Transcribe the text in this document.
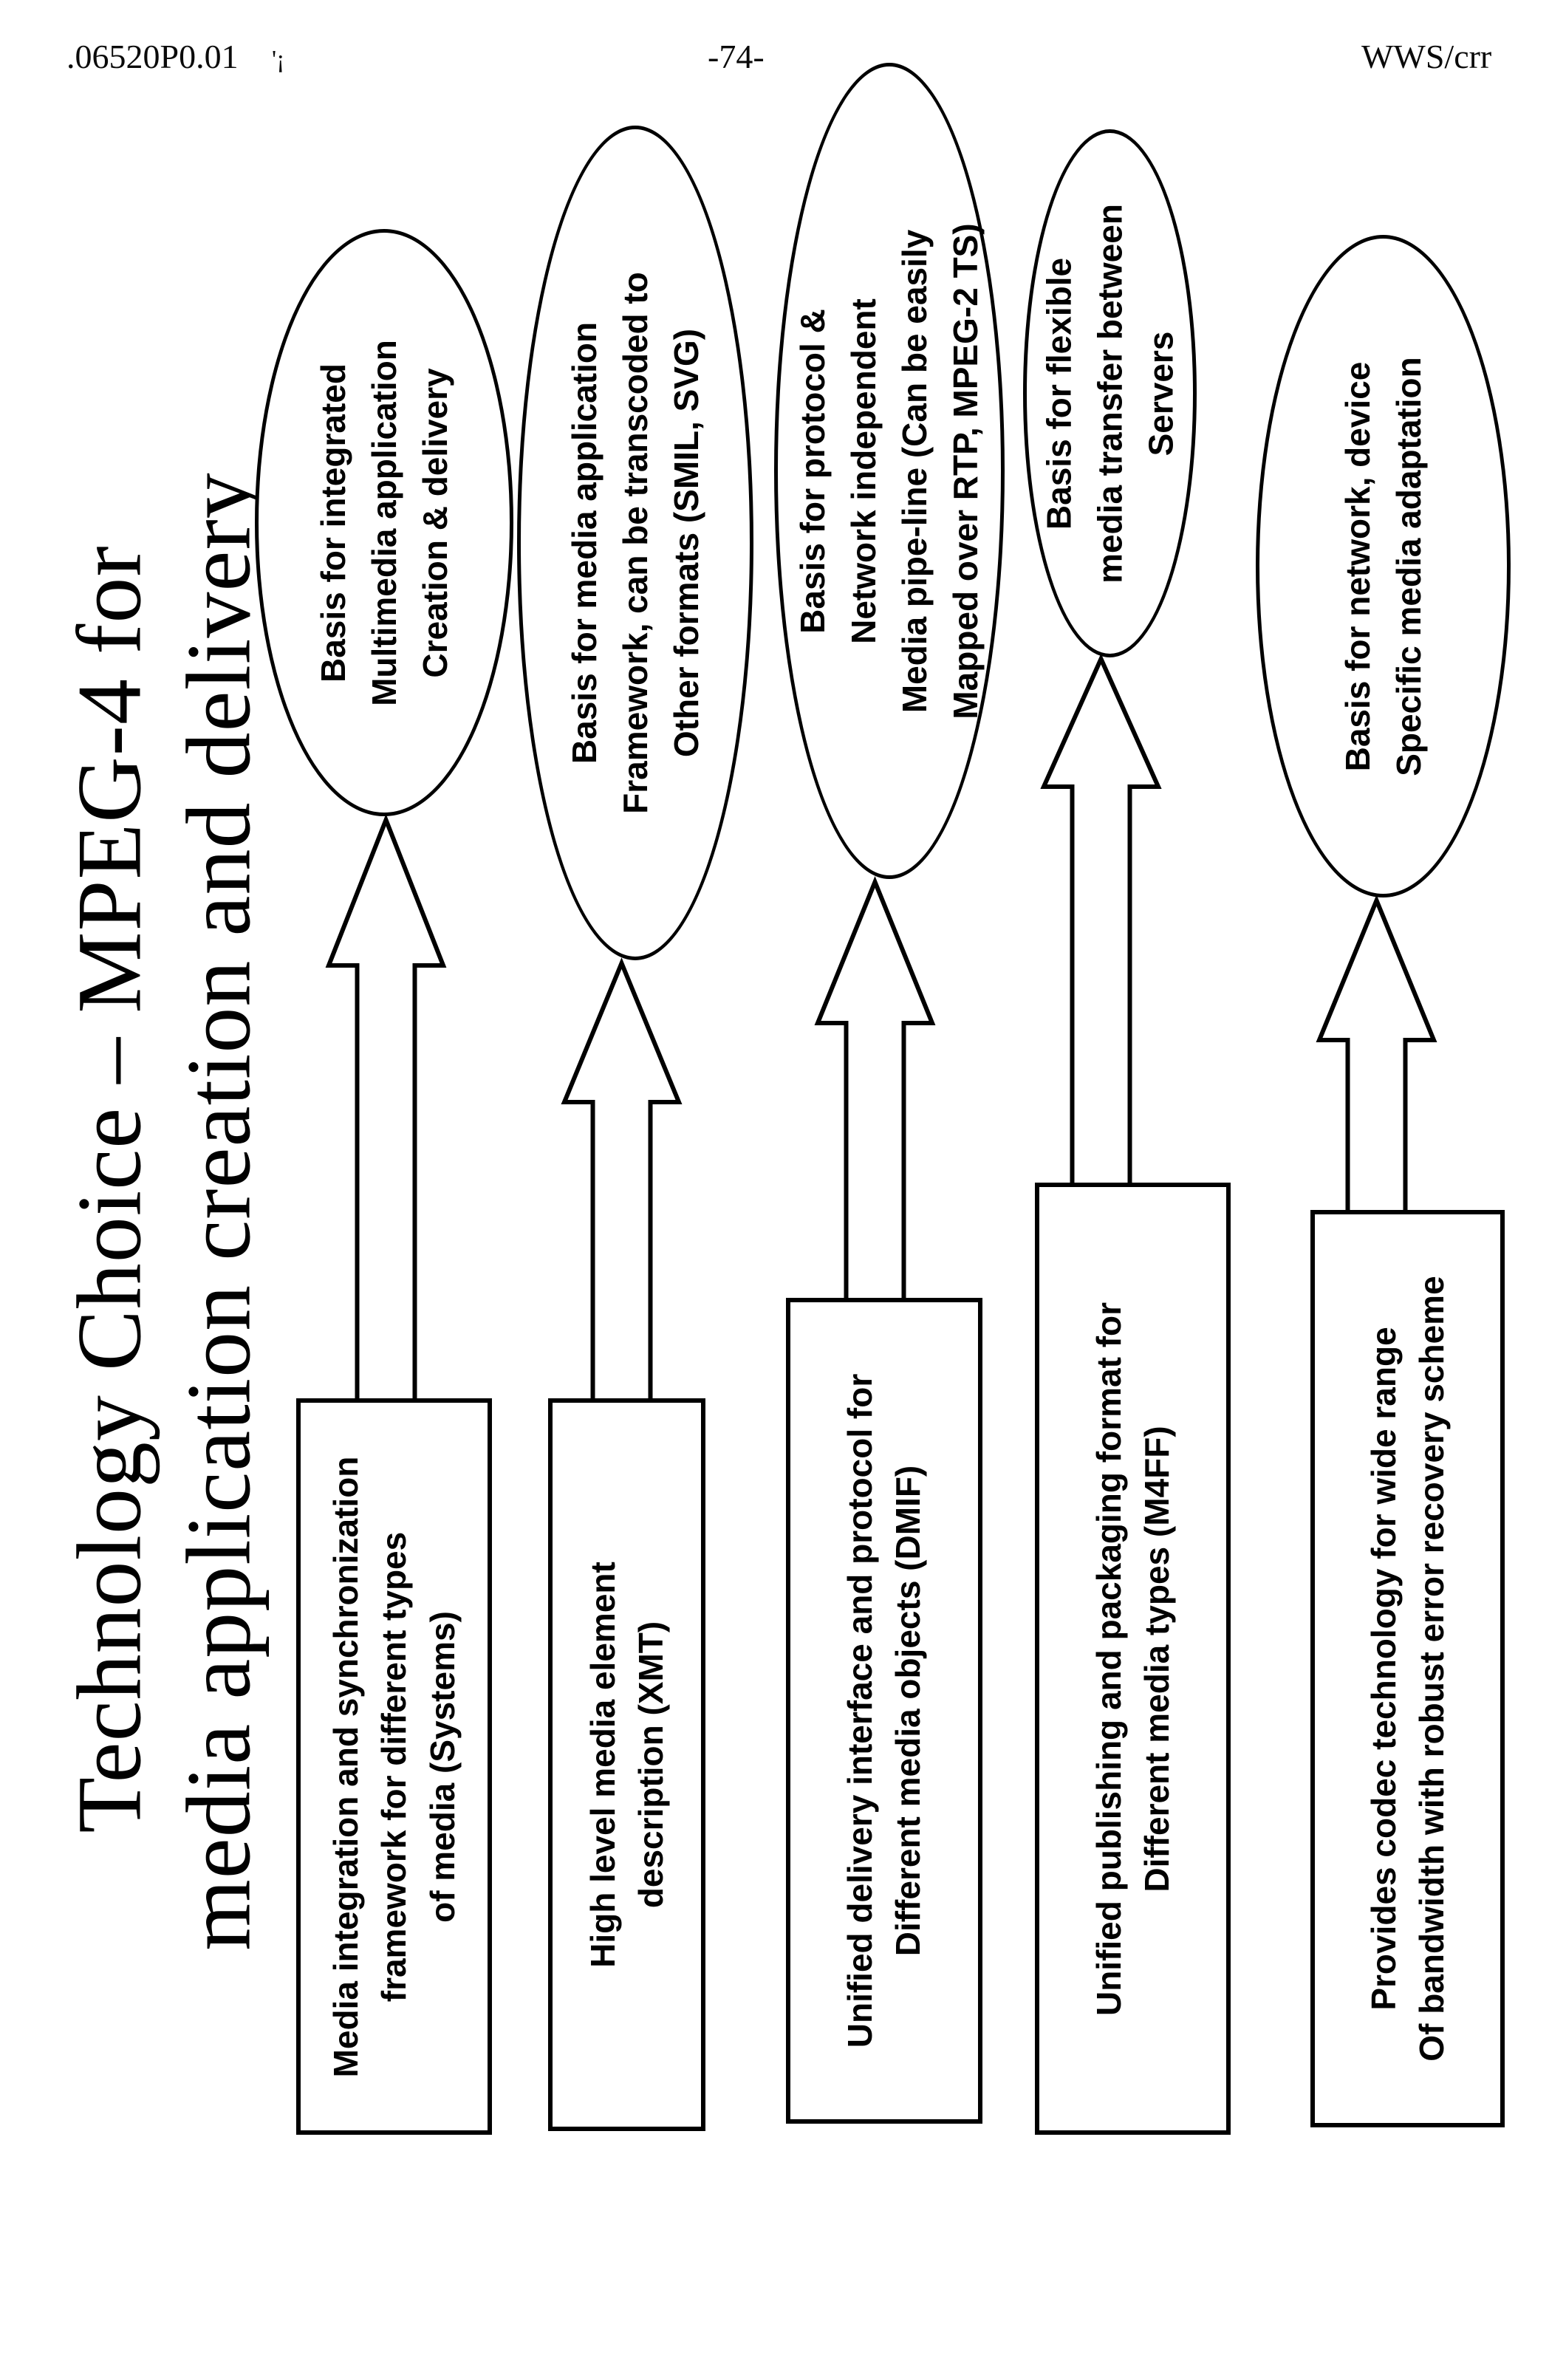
.06520P0.01 '¡	-74-	WWS/crr
Technology Choice – MPEG-4 for media application creation and delivery Basis for integrated
Multimedia application
Creation & delivery
Media integration and synchronization
framework for different types
of media (Systems)
Basis for media application
Framework, can be transcoded to
Other formats (SMIL, SVG)
High level media element
description (XMT)
Basis for protocol &
Network independent
Media pipe-line (Can be easily
Mapped over RTP, MPEG-2 TS)
Unified delivery interface and protocol for
Different media objects (DMIF)
Basis for flexible
media transfer between
Servers
Unified publishing and packaging format for
Different media types (M4FF)
Basis for network, device
Specific media adaptation
Provides codec technology for wide range
Of bandwidth with robust error recovery scheme
